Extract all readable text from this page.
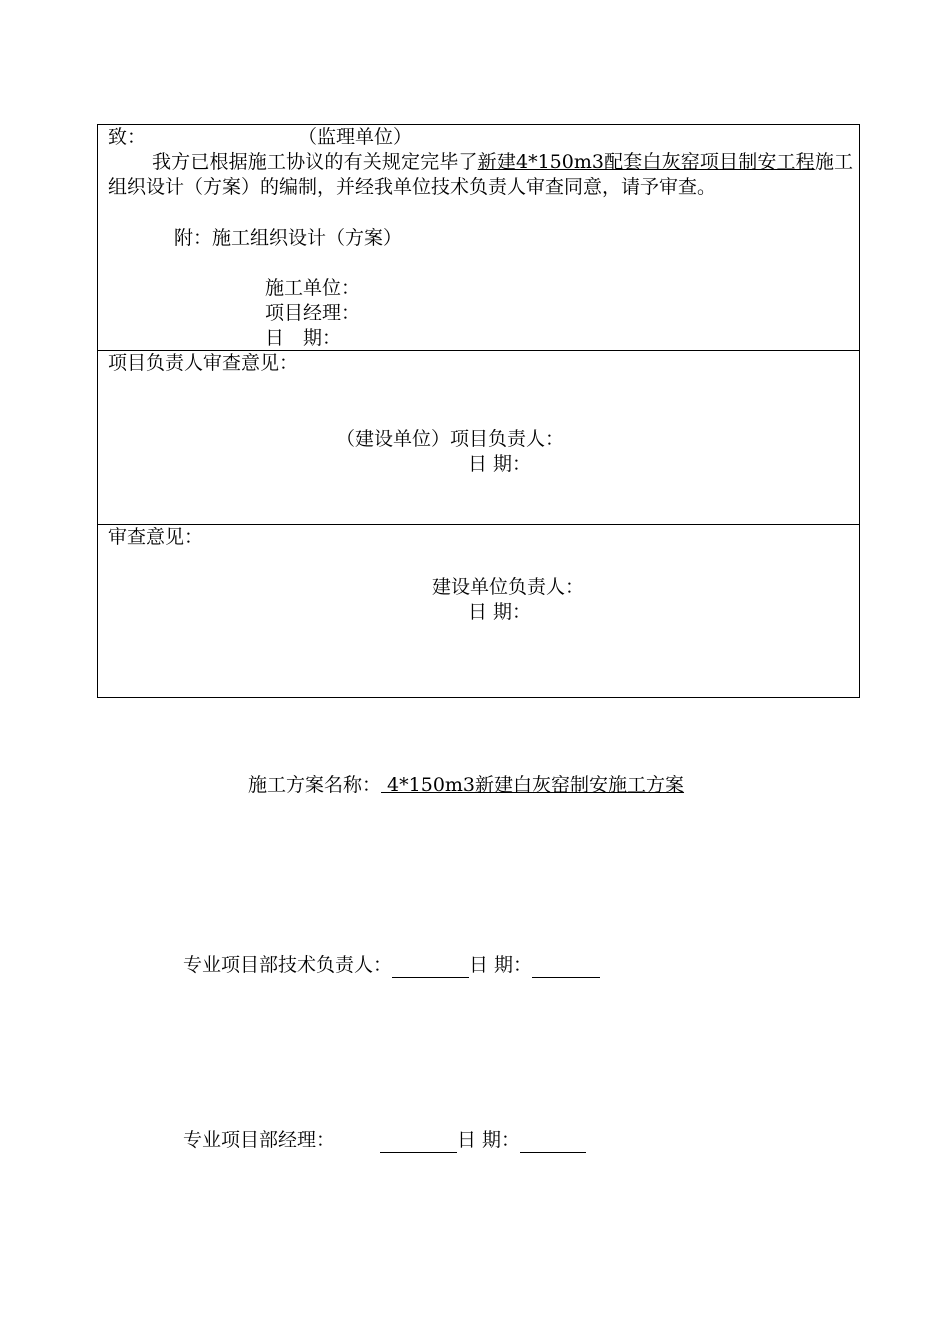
致：	（监理单位）
我方已根据施工协议的有关规定完毕了新建4*150m3配套白灰窑项目制安工程施工组织设计（方案）的编制，并经我单位技术负责人审查同意，请予审查。
附：施工组织设计（方案）
施工单位：
项目经理：
日　期：
项目负责人审查意见：
（建设单位）项目负责人：
日 期：
审查意见：
建设单位负责人：
日 期：
施工方案名称： 4*150m3新建白灰窑制安施工方案
专业项目部技术负责人：	日 期：
专业项目部经理：	日 期：
